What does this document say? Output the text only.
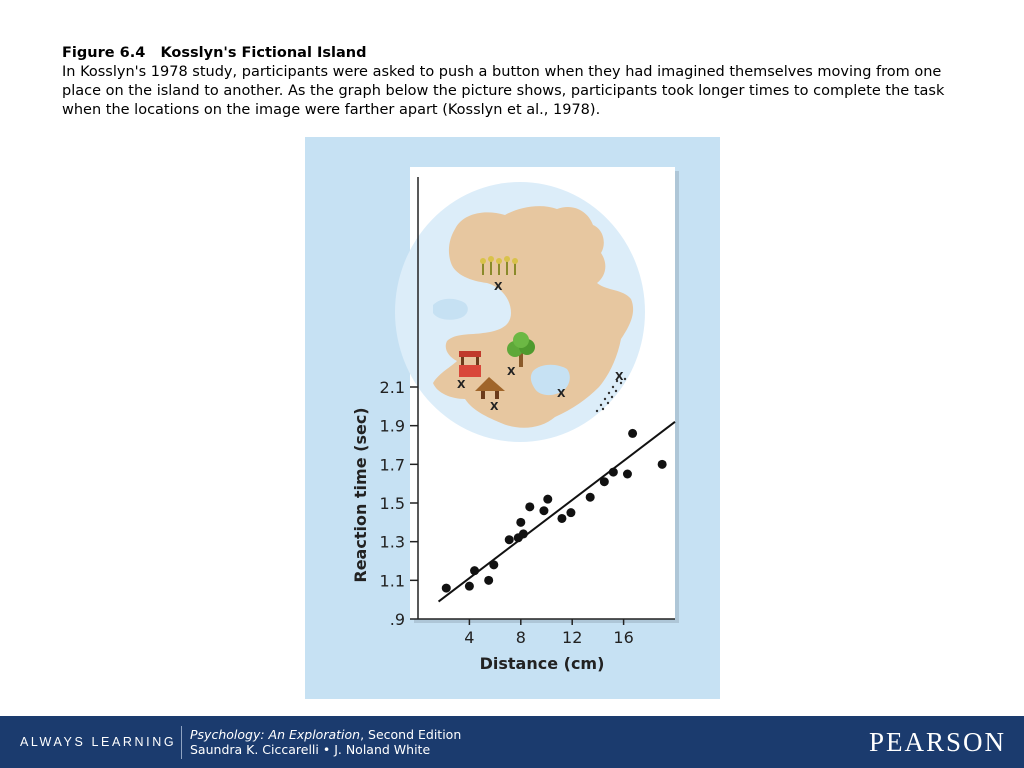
Figure 6.4   Kosslyn's Fictional Island
In Kosslyn's 1978 study, participants were asked to push a button when they had imagined themselves moving from one place on the island to another. As the graph below the picture shows, participants took longer times to complete the task when the locations on the image were farther apart (Kosslyn et al., 1978).
X
X
X
X
X
X
.9
1.1
1.3
1.5
1.7
1.9
2.1
4	8 12 16
Distance (cm)
Reaction time (sec)
ALWAYS LEARNING Psychology: An Exploration, Second Edition
Saundra K. Ciccarelli • J. Noland White	PEARSON
